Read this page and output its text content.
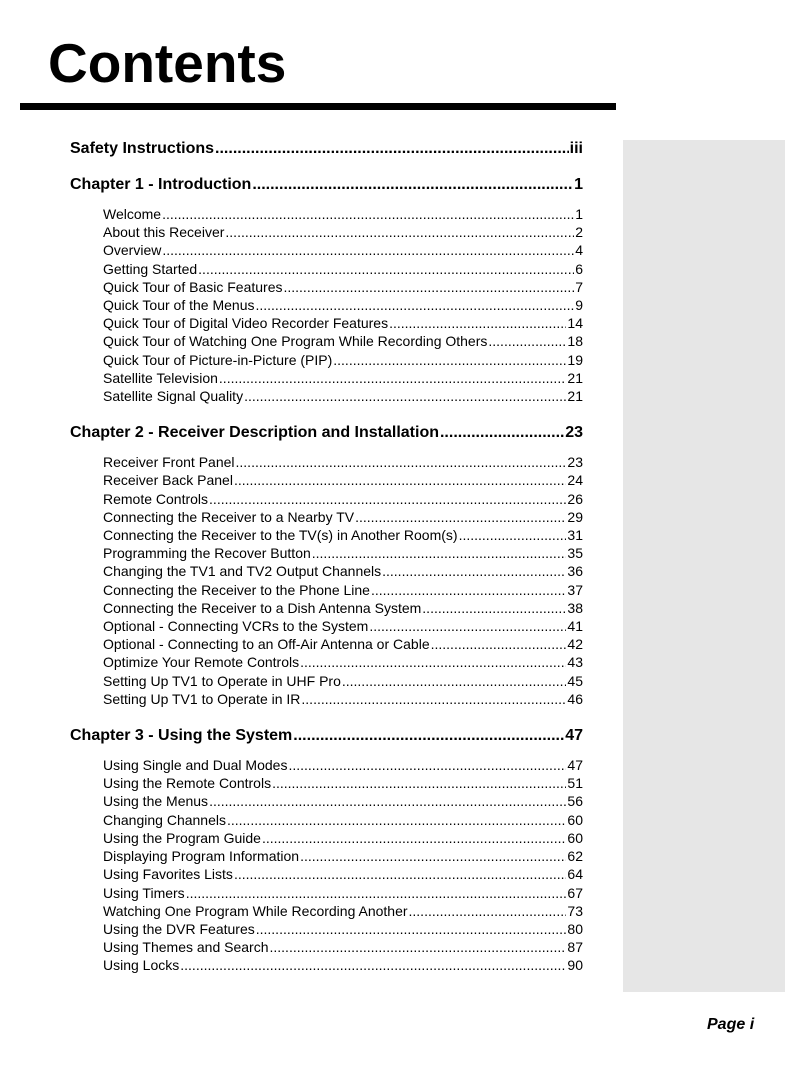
Contents
Safety Instructions .....	iii
Chapter 1 - Introduction .....	1
Welcome .....	1
About this Receiver .....	2
Overview .....	4
Getting Started .....	6
Quick Tour of Basic Features .....	7
Quick Tour of the Menus .....	9
Quick Tour of Digital Video Recorder Features .....	14
Quick Tour of Watching One Program While Recording Others .....	18
Quick Tour of Picture-in-Picture (PIP) .....	19
Satellite Television .....	21
Satellite Signal Quality .....	21
Chapter 2 - Receiver Description and Installation .....	23
Receiver Front Panel .....	23
Receiver Back Panel .....	24
Remote Controls .....	26
Connecting the Receiver to a Nearby TV .....	29
Connecting the Receiver to the TV(s) in Another Room(s) .....	31
Programming the Recover Button .....	35
Changing the TV1 and TV2 Output Channels .....	36
Connecting the Receiver to the Phone Line .....	37
Connecting the Receiver to a Dish Antenna System .....	38
Optional - Connecting VCRs to the System .....	41
Optional - Connecting to an Off-Air Antenna or Cable .....	42
Optimize Your Remote Controls .....	43
Setting Up TV1 to Operate in UHF Pro .....	45
Setting Up TV1 to Operate in IR .....	46
Chapter 3 - Using the System .....	47
Using Single and Dual Modes .....	47
Using the Remote Controls .....	51
Using the Menus .....	56
Changing Channels .....	60
Using the Program Guide .....	60
Displaying Program Information .....	62
Using Favorites Lists .....	64
Using Timers .....	67
Watching One Program While Recording Another .....	73
Using the DVR Features .....	80
Using Themes and Search .....	87
Using Locks .....	90
Page i
